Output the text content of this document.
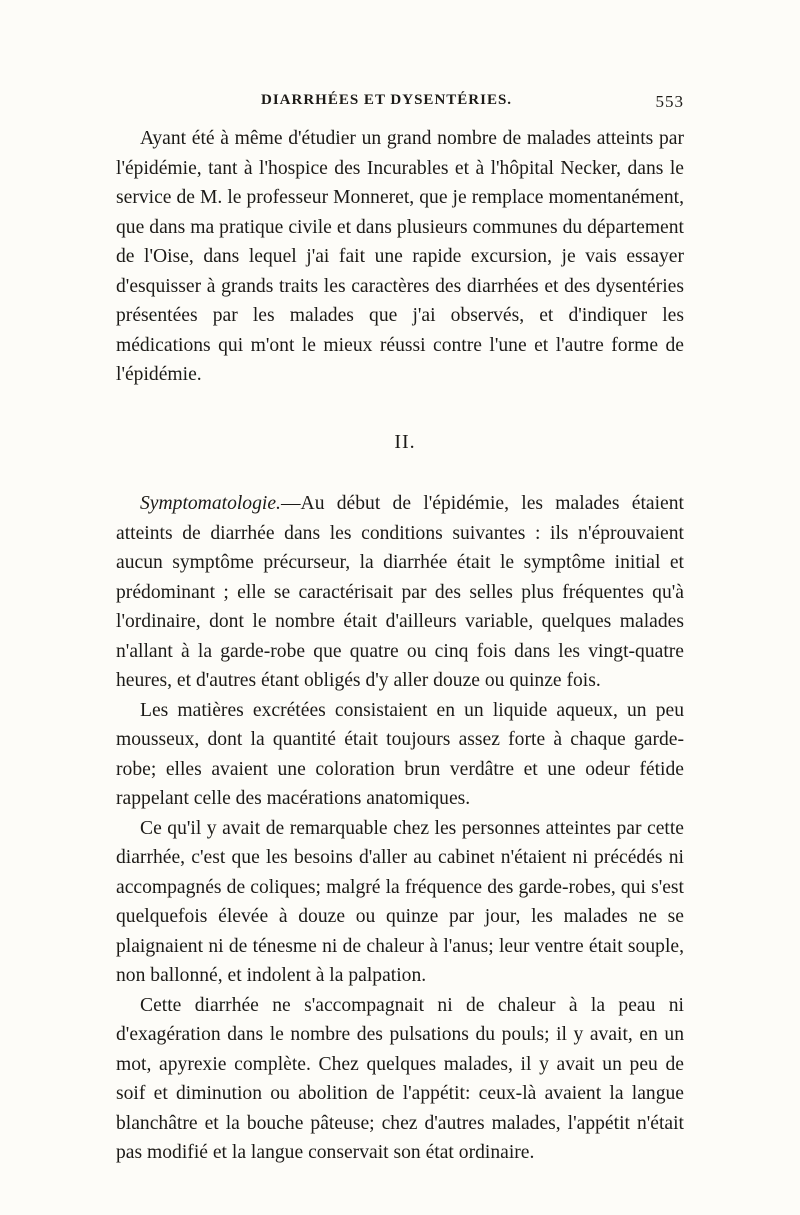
DIARRHÉES ET DYSENTÉRIES.	553

Ayant été à même d'étudier un grand nombre de malades atteints par l'épidémie, tant à l'hospice des Incurables et à l'hôpital Necker, dans le service de M. le professeur Monneret, que je remplace momentanément, que dans ma pratique civile et dans plusieurs communes du département de l'Oise, dans lequel j'ai fait une rapide excursion, je vais essayer d'esquisser à grands traits les caractères des diarrhées et des dysentéries présentées par les malades que j'ai observés, et d'indiquer les médications qui m'ont le mieux réussi contre l'une et l'autre forme de l'épidémie.

II.

Symptomatologie.—Au début de l'épidémie, les malades étaient atteints de diarrhée dans les conditions suivantes : ils n'éprouvaient aucun symptôme précurseur, la diarrhée était le symptôme initial et prédominant ; elle se caractérisait par des selles plus fréquentes qu'à l'ordinaire, dont le nombre était d'ailleurs variable, quelques malades n'allant à la garde-robe que quatre ou cinq fois dans les vingt-quatre heures, et d'autres étant obligés d'y aller douze ou quinze fois.

Les matières excrétées consistaient en un liquide aqueux, un peu mousseux, dont la quantité était toujours assez forte à chaque garde-robe; elles avaient une coloration brun verdâtre et une odeur fétide rappelant celle des macérations anatomiques.

Ce qu'il y avait de remarquable chez les personnes atteintes par cette diarrhée, c'est que les besoins d'aller au cabinet n'étaient ni précédés ni accompagnés de coliques; malgré la fréquence des garde-robes, qui s'est quelquefois élevée à douze ou quinze par jour, les malades ne se plaignaient ni de ténesme ni de chaleur à l'anus; leur ventre était souple, non ballonné, et indolent à la palpation.

Cette diarrhée ne s'accompagnait ni de chaleur à la peau ni d'exagération dans le nombre des pulsations du pouls; il y avait, en un mot, apyrexie complète. Chez quelques malades, il y avait un peu de soif et diminution ou abolition de l'appétit: ceux-là avaient la langue blanchâtre et la bouche pâteuse; chez d'autres malades, l'appétit n'était pas modifié et la langue conservait son état ordinaire.
